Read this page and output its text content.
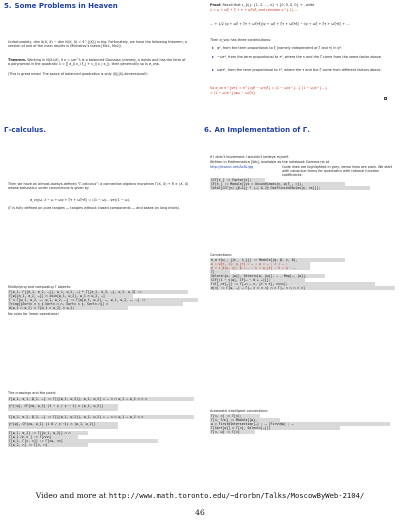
5. Some Problems in Heaven
Unfortunately, dim A(X, X) − dim N(X, X) = 4^{|X|} is big. Fortunately, we have the following theorem, a version of one of the main results in Mikhailov’s thesis [Mx1, Mx2]:
Theorem. Working in N(X∪X), if κ = ωe^λ is a balanced Gaussian (namely, κ exists and has the form of a polynomial in the quadratic λ = ∑ a_ij x_i ξ_j + c_ij x_i x_j), then generically so is σ_νηκ.
(This is great news! The space of balanced quadratics is only |X|||X|-dimensional!)
Proof. Recall that c_{ij}: {1, 2, …, n} → {0, 0, 0, 0} → , write
λ = μ + ωξ + ζ + τ + ωζτξ, and consider κ^{-1} …
… + 1/2 (ψ + ωξ + ζτ + ωζτξ)(ψ + ωξ + ζτ + ωζτξ) − (ψ + ωξ + ζτ + ωζτξ) + …
Then σ_νηκ has three contributions:
ψ², from the term proportional to ξ (namely independent of ζ and τ) in ψ².
−ωτ², from the term proportional to τ², where the τ and the ζ come from the same factor above.
ωψτ², from the term proportional to τ², where the τ and the ζ come from different factors above.
So σ_νη e^{ψτ} = e^{(ψξ − ωτ)ξ} = (1 − ω)e^{…} (1 − ω)e^{…}
= (1 − ω)e^{(ψω − ω)ζτ}
Γ-calculus.
Then we have an almost-always-defined “Γ-calculus”: a connection algebra morphism Γ(X, X) → R × (X, X) whose behaviour under connections is given by
σ_νη(ω, λ − μ + ωψ + ζτ + ωζτξ) = ((1 − ω)… ψτ)(1 − ω).
(Γ is fully defined on pure tangles — tangles without closed components — and bases on long knots).
Multiplying and composing Γ objects:
Γ[ω_1, Γ[{a_1, a_2, …}], ω_1, ω_2, …] * Γ[{a_2, a_3, …}, ω_2, ω_3] :=
Γ[ω[{a_1, a_2, …}] ∩ Join[ω_1, ω_2], ω_1 ∩ ω_2, …]
Γ ∩ Γ[ω_1, ω_2, …, ω_1, ω_2, …] := Γ[ω[ω_1, ω_2], …, ω_1, ω_2, …, …] :=
Tring[{Sort∩ ∩ ∩ ∥ Sort∩ ∩ ∩, Sort∩ ∩ ∥, Sort∩ ∩}] ∩
Δ(ω_1 ∩ ω_2) ∩ Γ[ω_1 ∩ ω_2] ∩ ω_2)
No rules for linear operations!
6. An Implementation of Γ.
If I didn’t implement I wouldn’t believe myself.
Written in Mathematica [Wo], available as the notebook Gamma.nb at
http://drorbn.net/AcBL/gg	Code lines are highlighted in grey, demo lines are plain. We start with canonical forms for quadratics with rational function coefficients:
CCF[ε_] := Factor[ε];
CF[ε_] := Module[{vs = Union@Cases[ε, ω|ξ_, ∞]},
Total[CCF[ε/.{#→1}] * (…) & /@ CoefficientRules[ε, vs]]];
Connections:
σ_α τ[ω_, {{ε_, λ_}}] := Module[{ψ, β, γ, δ},
ω = ω[ε, λ]; ω_{τ} = … ; μ = … ; λ = … ;
ψ = τ_β[ω, χ]; β = … ; γ = ω_{τ} ; δ = μ − …
Γ[
Select∩[ω, {ω}], Select∩[ω, {ω}], … , Map[…, {ω}],
CCF[(1 − γ)ω], CF[… − δ + …]]];
Γ∩Γ[_∩τ[…]] := Γ[…∩ … ∩, {τ ∩ τ}, ∩∩∩∩];
σ[∩] := Γ[ω, …] → Γ[… ∩ ∩ ∩ ∩] ∩ ∩ Γ[… ∩ ∩ ∩ ∩ ∩]
The crossings and the point:
Γ[ω_1, α_1, β_1, …] := Γ[{(ω_1, ω_2)}, ω_1, ω_2] + … ∩ ∩ ω_1 → ω_2 ∩ ∩ ∩
γ^{−ω}, CF[∩ω, ω_1] (1 − γ / γ − 1) ∩ (ω_1, ω_2)]
Γ[ω_2, α_2, β_2, …] := Γ[{(ω_1, ω_2)}, ω_1, ω_2] + … ∩ ∩ ω_1 → ω_2 ∩ ∩
γ^{ω}, CF[∩ω, ω_1] (1 0 / γ −1) ∩ (ω_1, ω_2)]
Γ[ω_1, α_1] := Γ[{ω_1, ω_2}] ∩ ∩
Γ[ω_1 ∩∩ ∩ ] := Γ[∩∩∩]
Γ[ω_1, Γ[∩, ∩]] := Γ[∩ω, ∩∩]
Γ[ω_2, ∩] := Γ[∩, ∩]
Automatic intelligent connections:
Γ[∩, ∩] := Γ[∩];
Γ[∩, Γ∩∩] := Module[{ω},
ω = First@Intersection[…] ; … [First@ω] ; …
Γ[Sort[ω]] ∩ Γ[∩], Select∩[…]]]
Γ[∩, ω] := Γ[∩]
Video and more at http://www.math.toronto.edu/~drorbn/Talks/MoscowByWeb-2104/
46
